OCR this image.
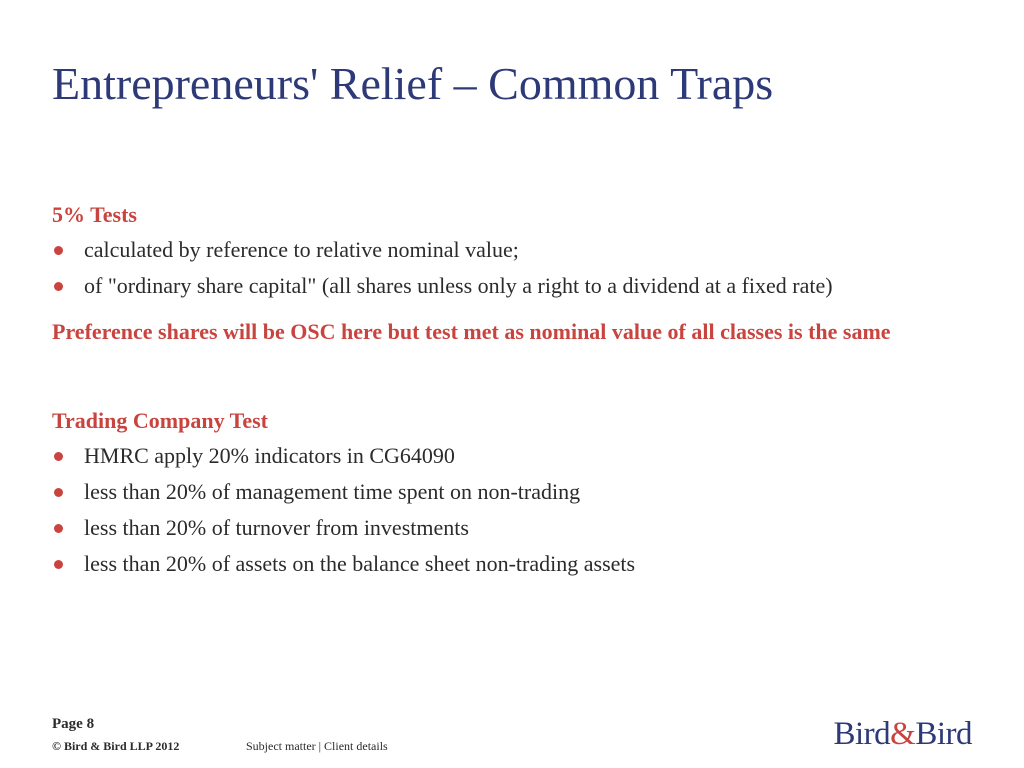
Entrepreneurs' Relief – Common Traps

5% Tests

calculated by reference to relative nominal value;
of "ordinary share capital" (all shares unless only a right to a dividend at a fixed rate)

Preference shares will be OSC here but test met as nominal value of all classes is the same

Trading Company Test

HMRC apply 20% indicators in CG64090
less than 20% of management time spent on non-trading
less than 20% of turnover from investments
less than 20% of assets on the balance sheet non-trading assets
Page 8
© Bird & Bird LLP 2012	Subject matter | Client details	Bird&Bird
